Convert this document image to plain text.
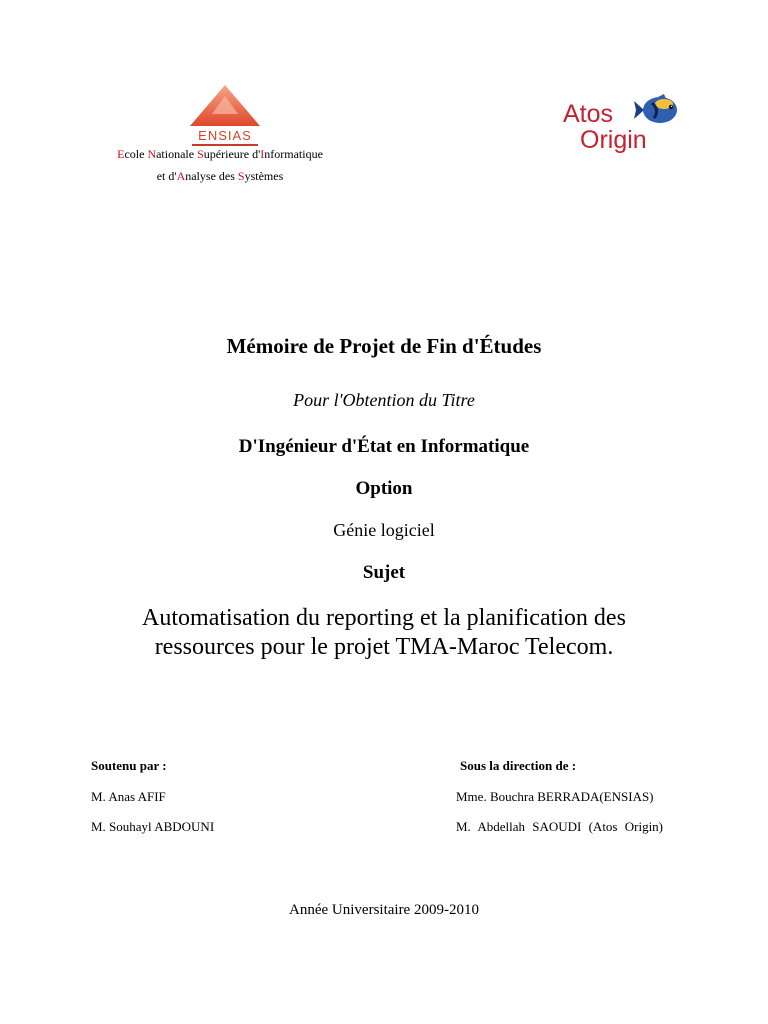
ENSIAS
Ecole Nationale Supérieure d'Informatique
et d'Analyse des Systèmes
Atos
Origin
Mémoire de Projet de Fin d'Études
Pour l'Obtention du Titre
D'Ingénieur d'État en Informatique
Option
Génie logiciel
Sujet
Automatisation du reporting et la planification des
ressources pour le projet TMA-Maroc Telecom.
Soutenu par :	Sous la direction de :
M. Anas AFIF
M. Souhayl ABDOUNI
Mme. Bouchra BERRADA(ENSIAS)
M. Abdellah SAOUDI (Atos Origin)
Année Universitaire 2009-2010
